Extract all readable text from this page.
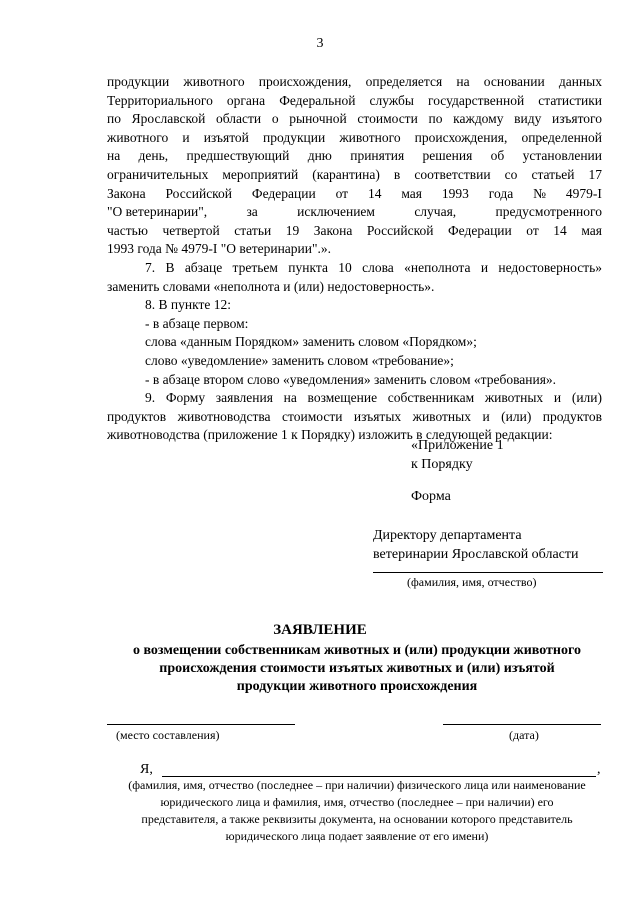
3

продукции животного происхождения, определяется на основании данных

Территориального органа Федеральной службы государственной статистики

по Ярославской области о рыночной стоимости по каждому виду изъятого

животного и изъятой продукции животного происхождения, определенной

на день, предшествующий дню принятия решения об установлении

ограничительных мероприятий (карантина) в соответствии со статьей 17

Закона Российской Федерации от 14 мая 1993 года № 4979-I

"О ветеринарии",	за	исключением	случая,	предусмотренного

частью четвертой статьи 19 Закона Российской Федерации от 14 мая

1993 года № 4979-I "О ветеринарии".».

7. В абзаце третьем пункта 10 слова «неполнота и недостоверность»

заменить словами «неполнота и (или) недостоверность».

8. В пункте 12:

- в абзаце первом:

слова «данным Порядком» заменить словом «Порядком»;

слово «уведомление» заменить словом «требование»;

- в абзаце втором слово «уведомления» заменить словом «требования».

9. Форму заявления на возмещение собственникам животных и (или)

продуктов животноводства стоимости изъятых животных и (или) продуктов

животноводства (приложение 1 к Порядку) изложить в следующей редакции:

«Приложение 1
к Порядку
Форма
Директору департамента
ветеринарии Ярославской области
(фамилия, имя, отчество)
ЗАЯВЛЕНИЕ
о возмещении собственникам животных и (или) продукции животного
происхождения стоимости изъятых животных и (или) изъятой
продукции животного происхождения
(место составления)	(дата)
Я,	,
(фамилия, имя, отчество (последнее – при наличии) физического лица или наименование
юридического лица и фамилия, имя, отчество (последнее – при наличии) его
представителя, а также реквизиты документа, на основании которого представитель
юридического лица подает заявление от его имени)
